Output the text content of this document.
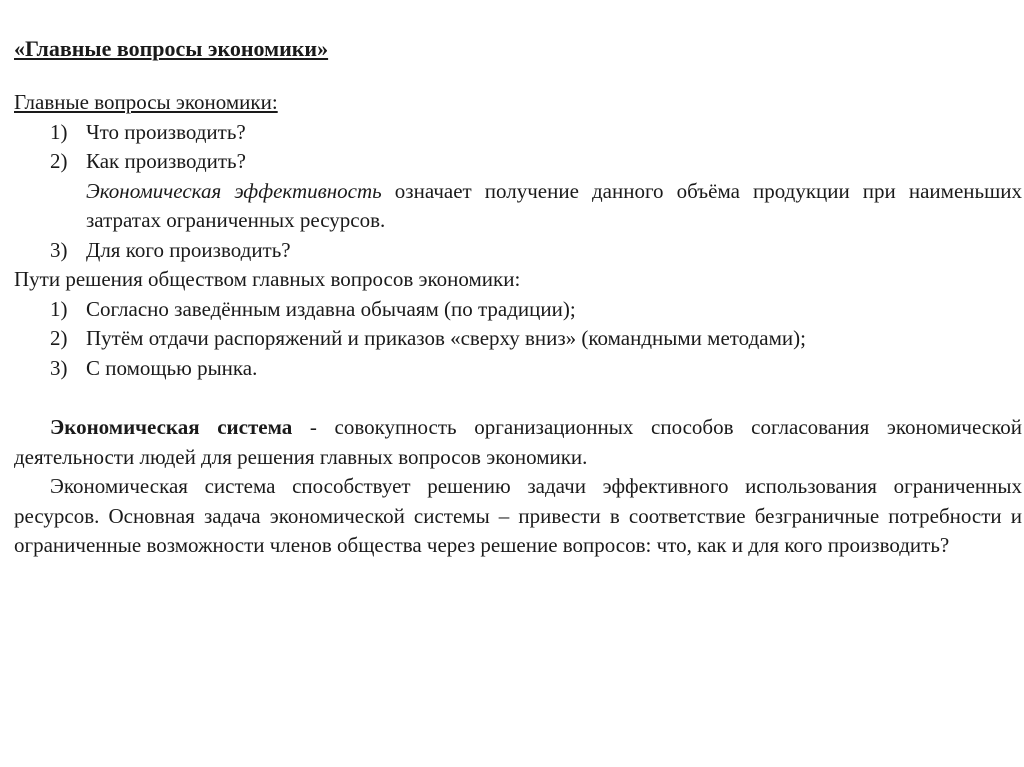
«Главные вопросы экономики»
Главные вопросы экономики:
1) Что производить?
2) Как производить?
Экономическая эффективность означает получение данного объёма продукции при наименьших затратах ограниченных ресурсов.
3) Для кого производить?
Пути решения обществом главных вопросов экономики:
1) Согласно заведённым издавна обычаям (по традиции);
2) Путём отдачи распоряжений и приказов «сверху вниз» (командными методами);
3) С помощью рынка.
Экономическая система - совокупность организационных способов согласования экономической деятельности людей для решения главных вопросов экономики.
Экономическая система способствует решению задачи эффективного использования ограниченных ресурсов. Основная задача экономической системы – привести в соответствие безграничные потребности и ограниченные возможности членов общества через решение вопросов: что, как и для кого производить?
